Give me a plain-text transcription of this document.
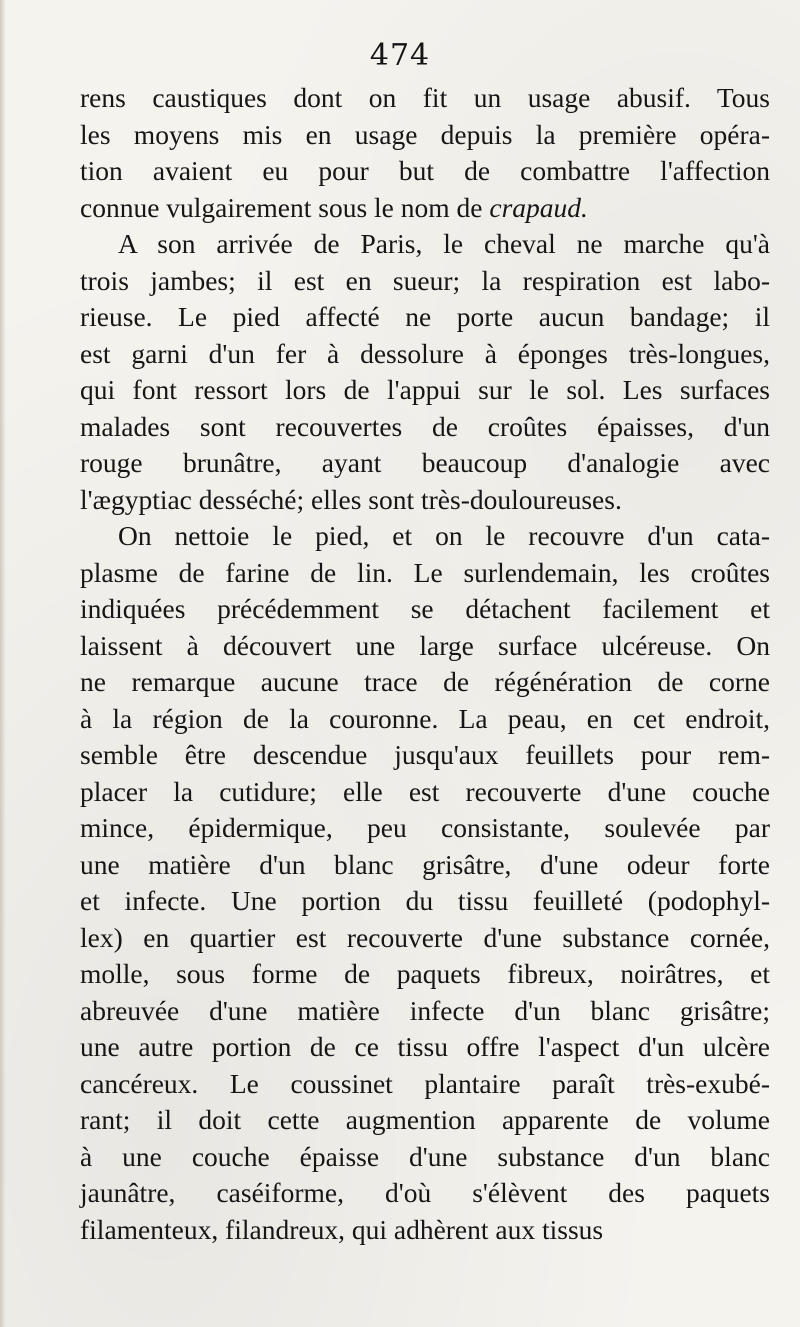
474
rens caustiques dont on fit un usage abusif. Tous
les moyens mis en usage depuis la première opéra-
tion avaient eu pour but de combattre l'affection
connue vulgairement sous le nom de crapaud.
A son arrivée de Paris, le cheval ne marche qu'à
trois jambes; il est en sueur; la respiration est labo-
rieuse. Le pied affecté ne porte aucun bandage; il
est garni d'un fer à dessolure à éponges très-longues,
qui font ressort lors de l'appui sur le sol. Les surfaces
malades sont recouvertes de croûtes épaisses, d'un
rouge brunâtre, ayant beaucoup d'analogie avec
l'ægyptiac desséché; elles sont très-douloureuses.
On nettoie le pied, et on le recouvre d'un cata-
plasme de farine de lin. Le surlendemain, les croûtes
indiquées précédemment se détachent facilement et
laissent à découvert une large surface ulcéreuse. On
ne remarque aucune trace de régénération de corne
à la région de la couronne. La peau, en cet endroit,
semble être descendue jusqu'aux feuillets pour rem-
placer la cutidure; elle est recouverte d'une couche
mince, épidermique, peu consistante, soulevée par
une matière d'un blanc grisâtre, d'une odeur forte
et infecte. Une portion du tissu feuilleté (podophyl-
lex) en quartier est recouverte d'une substance cornée,
molle, sous forme de paquets fibreux, noirâtres, et
abreuvée d'une matière infecte d'un blanc grisâtre;
une autre portion de ce tissu offre l'aspect d'un ulcère
cancéreux. Le coussinet plantaire paraît très-exubé-
rant; il doit cette augmention apparente de volume
à une couche épaisse d'une substance d'un blanc
jaunâtre, caséiforme, d'où s'élèvent des paquets
filamenteux, filandreux, qui adhèrent aux tissus
